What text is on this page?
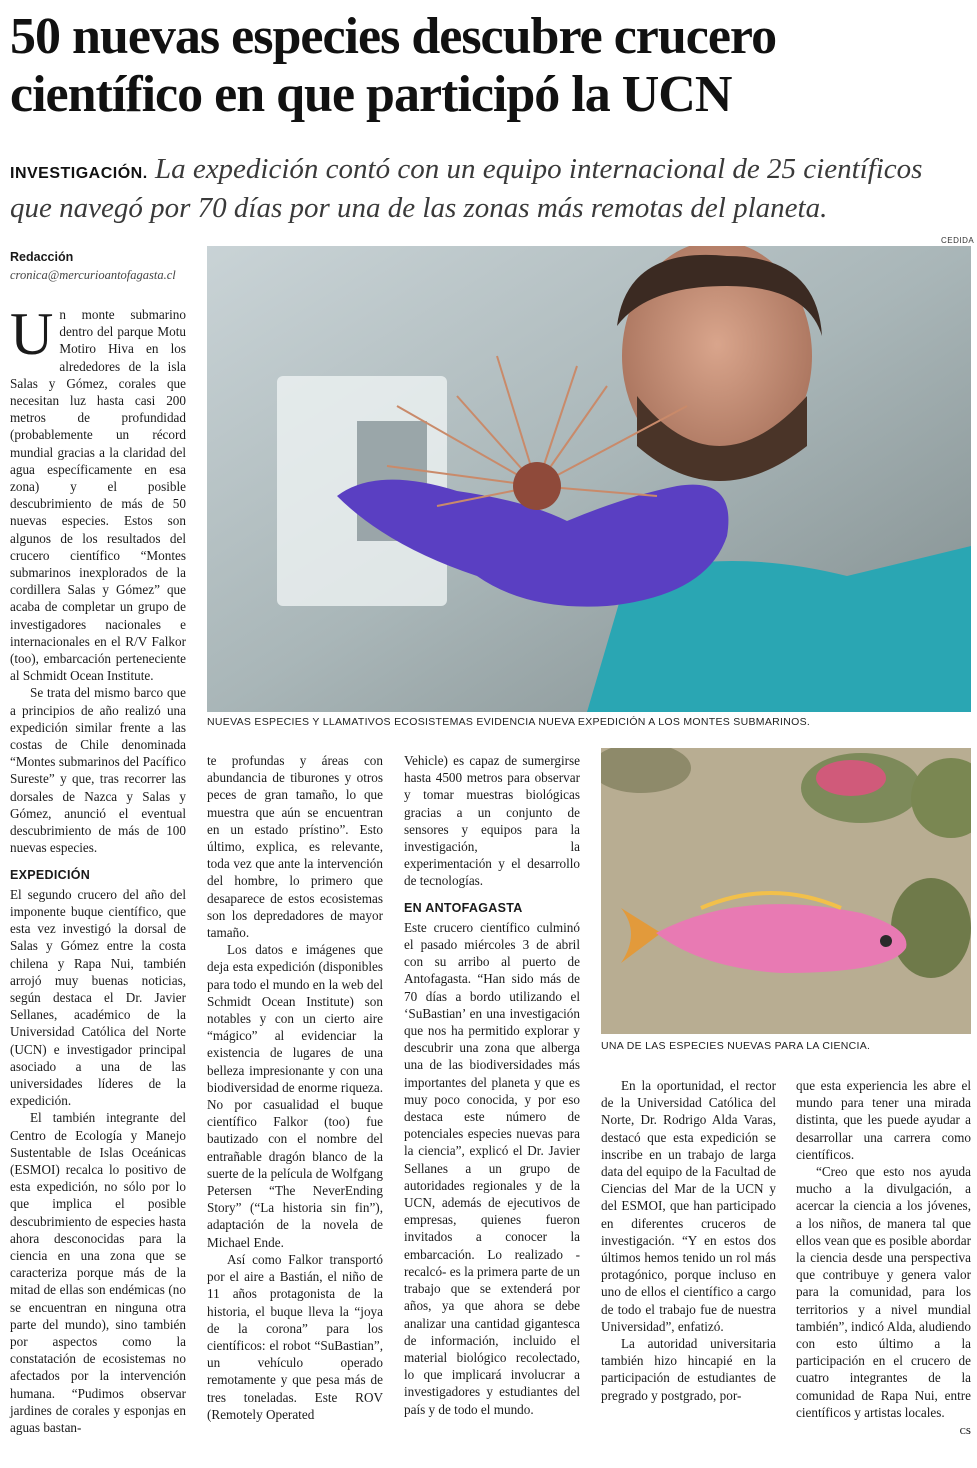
50 nuevas especies descubre crucero científico en que participó la UCN

INVESTIGACIÓN. La expedición contó con un equipo internacional de 25 científicos que navegó por 70 días por una de las zonas más remotas del planeta.

Redacción
cronica@mercurioantofagasta.cl
CEDIDA
NUEVAS ESPECIES Y LLAMATIVOS ECOSISTEMAS EVIDENCIA NUEVA EXPEDICIÓN A LOS MONTES SUBMARINOS.
UNA DE LAS ESPECIES NUEVAS PARA LA CIENCIA.

Un monte submarino dentro del parque Motu Motiro Hiva en los alrededores de la isla Salas y Gómez, corales que necesitan luz hasta casi 200 metros de profundidad (probablemente un récord mundial gracias a la claridad del agua específicamente en esa zona) y el posible descubrimiento de más de 50 nuevas especies. Estos son algunos de los resultados del crucero científico “Montes submarinos inexplorados de la cordillera Salas y Gómez” que acaba de completar un grupo de investigadores nacionales e internacionales en el R/V Falkor (too), embarcación perteneciente al Schmidt Ocean Institute.

Se trata del mismo barco que a principios de año realizó una expedición similar frente a las costas de Chile denominada “Montes submarinos del Pacífico Sureste” y que, tras recorrer las dorsales de Nazca y Salas y Gómez, anunció el eventual descubrimiento de más de 100 nuevas especies.

EXPEDICIÓN

El segundo crucero del año del imponente buque científico, que esta vez investigó la dorsal de Salas y Gómez entre la costa chilena y Rapa Nui, también arrojó muy buenas noticias, según destaca el Dr. Javier Sellanes, académico de la Universidad Católica del Norte (UCN) e investigador principal asociado a una de las universidades líderes de la expedición.

El también integrante del Centro de Ecología y Manejo Sustentable de Islas Oceánicas (ESMOI) recalca lo positivo de esta expedición, no sólo por lo que implica el posible descubrimiento de especies hasta ahora desconocidas para la ciencia en una zona que se caracteriza porque más de la mitad de ellas son endémicas (no se encuentran en ninguna otra parte del mundo), sino también por aspectos como la constatación de ecosistemas no afectados por la intervención humana. “Pudimos observar jardines de corales y esponjas en aguas bastan-

te profundas y áreas con abundancia de tiburones y otros peces de gran tamaño, lo que muestra que aún se encuentran en un estado prístino”. Esto último, explica, es relevante, toda vez que ante la intervención del hombre, lo primero que desaparece de estos ecosistemas son los depredadores de mayor tamaño.

Los datos e imágenes que deja esta expedición (disponibles para todo el mundo en la web del Schmidt Ocean Institute) son notables y con un cierto aire “mágico” al evidenciar la existencia de lugares de una belleza impresionante y con una biodiversidad de enorme riqueza. No por casualidad el buque científico Falkor (too) fue bautizado con el nombre del entrañable dragón blanco de la suerte de la película de Wolfgang Petersen “The NeverEnding Story” (“La historia sin fin”), adaptación de la novela de Michael Ende.

Así como Falkor transportó por el aire a Bastián, el niño de 11 años protagonista de la historia, el buque lleva la “joya de la corona” para los científicos: el robot “SuBastian”, un vehículo operado remotamente y que pesa más de tres toneladas. Este ROV (Remotely Operated

Vehicle) es capaz de sumergirse hasta 4500 metros para observar y tomar muestras biológicas gracias a un conjunto de sensores y equipos para la investigación, la experimentación y el desarrollo de tecnologías.

EN ANTOFAGASTA

Este crucero científico culminó el pasado miércoles 3 de abril con su arribo al puerto de Antofagasta. “Han sido más de 70 días a bordo utilizando el ‘SuBastian’ en una investigación que nos ha permitido explorar y descubrir una zona que alberga una de las biodiversidades más importantes del planeta y que es muy poco conocida, y por eso destaca este número de potenciales especies nuevas para la ciencia”, explicó el Dr. Javier Sellanes a un grupo de autoridades regionales y de la UCN, además de ejecutivos de empresas, quienes fueron invitados a conocer la embarcación. Lo realizado -recalcó- es la primera parte de un trabajo que se extenderá por años, ya que ahora se debe analizar una cantidad gigantesca de información, incluido el material biológico recolectado, lo que implicará involucrar a investigadores y estudiantes del país y de todo el mundo.

En la oportunidad, el rector de la Universidad Católica del Norte, Dr. Rodrigo Alda Varas, destacó que esta expedición se inscribe en un trabajo de larga data del equipo de la Facultad de Ciencias del Mar de la UCN y del ESMOI, que han participado en diferentes cruceros de investigación. “Y en estos dos últimos hemos tenido un rol más protagónico, porque incluso en uno de ellos el científico a cargo de todo el trabajo fue de nuestra Universidad”, enfatizó.

La autoridad universitaria también hizo hincapié en la participación de estudiantes de pregrado y postgrado, por-

que esta experiencia les abre el mundo para tener una mirada distinta, que les puede ayudar a desarrollar una carrera como científicos.

“Creo que esto nos ayuda mucho a la divulgación, a acercar la ciencia a los jóvenes, a los niños, de manera tal que ellos vean que es posible abordar la ciencia desde una perspectiva que contribuye y genera valor para la comunidad, para los territorios y a nivel mundial también”, indicó Alda, aludiendo con esto último a la participación en el crucero de cuatro integrantes de la comunidad de Rapa Nui, entre científicos y artistas locales.
ᴄs
